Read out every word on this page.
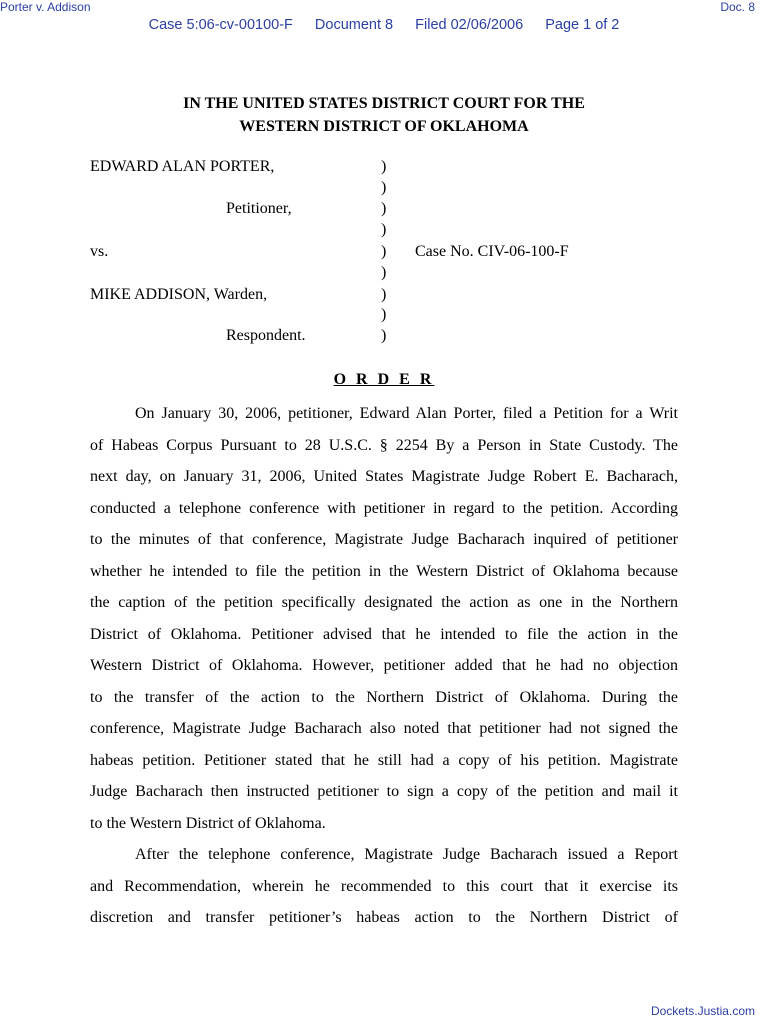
Porter v. Addison	Doc. 8
Case 5:06-cv-00100-F Document 8 Filed 02/06/2006 Page 1 of 2
IN THE UNITED STATES DISTRICT COURT FOR THE
WESTERN DISTRICT OF OKLAHOMA
EDWARD ALAN PORTER,
Petitioner,
vs.
MIKE ADDISON, Warden,
Respondent.
Case No. CIV-06-100-F
)
)
)
)
)
)
)
)
)
O R D E R
On January 30, 2006, petitioner, Edward Alan Porter, filed a Petition for a Writ
of Habeas Corpus Pursuant to 28 U.S.C. § 2254 By a Person in State Custody. The
next day, on January 31, 2006, United States Magistrate Judge Robert E. Bacharach,
conducted a telephone conference with petitioner in regard to the petition. According
to the minutes of that conference, Magistrate Judge Bacharach inquired of petitioner
whether he intended to file the petition in the Western District of Oklahoma because
the caption of the petition specifically designated the action as one in the Northern
District of Oklahoma. Petitioner advised that he intended to file the action in the
Western District of Oklahoma. However, petitioner added that he had no objection
to the transfer of the action to the Northern District of Oklahoma. During the
conference, Magistrate Judge Bacharach also noted that petitioner had not signed the
habeas petition. Petitioner stated that he still had a copy of his petition. Magistrate
Judge Bacharach then instructed petitioner to sign a copy of the petition and mail it
to the Western District of Oklahoma.
After the telephone conference, Magistrate Judge Bacharach issued a Report
and Recommendation, wherein he recommended to this court that it exercise its
discretion and transfer petitioner’s habeas action to the Northern District of
Dockets.Justia.com
